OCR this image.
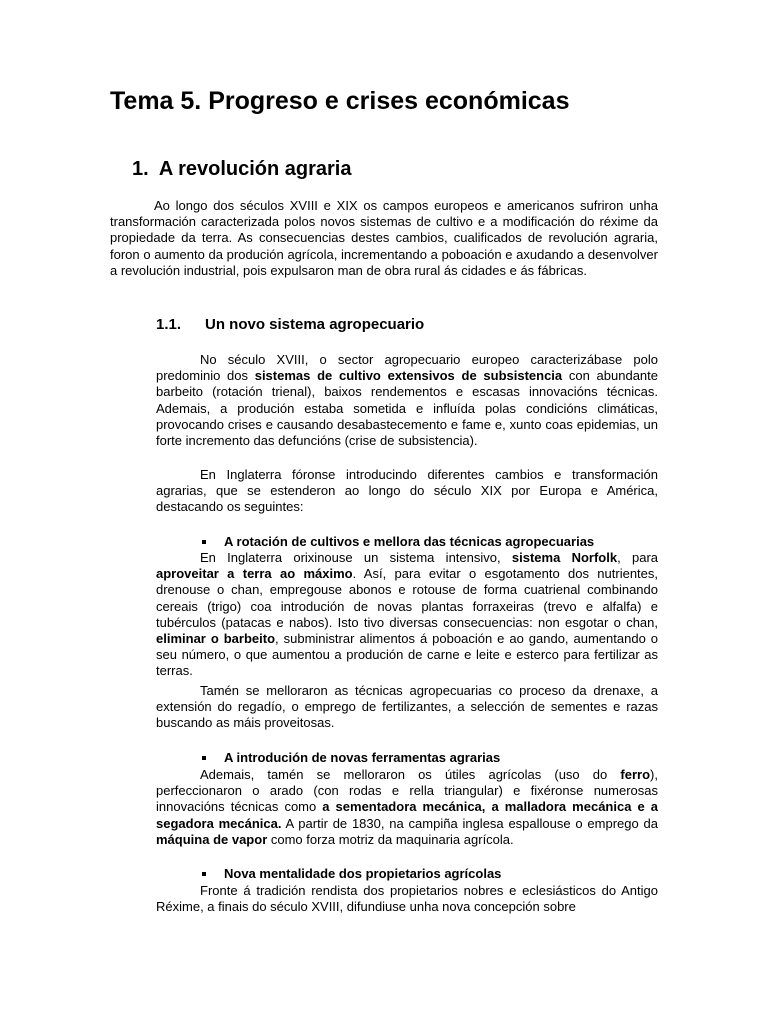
Tema 5. Progreso e crises económicas
1. A revolución agraria

Ao longo dos séculos XVIII e XIX os campos europeos e americanos sufriron unha transformación caracterizada polos novos sistemas de cultivo e a modificación do réxime da propiedade da terra. As consecuencias destes cambios, cualificados de revolución agraria, foron o aumento da produción agrícola, incrementando a poboación e axudando a desenvolver a revolución industrial, pois expulsaron man de obra rural ás cidades e ás fábricas.

1.1. Un novo sistema agropecuario

No século XVIII, o sector agropecuario europeo caracterizábase polo predominio dos sistemas de cultivo extensivos de subsistencia con abundante barbeito (rotación trienal), baixos rendementos e escasas innovacións técnicas. Ademais, a produción estaba sometida e influída polas condicións climáticas, provocando crises e causando desabastecemento e fame e, xunto coas epidemias, un forte incremento das defuncións (crise de subsistencia).

En Inglaterra fóronse introducindo diferentes cambios e transformación agrarias, que se estenderon ao longo do século XIX por Europa e América, destacando os seguintes:

A rotación de cultivos e mellora das técnicas agropecuarias

En Inglaterra orixinouse un sistema intensivo, sistema Norfolk, para aproveitar a terra ao máximo. Así, para evitar o esgotamento dos nutrientes, drenouse o chan, empregouse abonos e rotouse de forma cuatrienal combinando cereais (trigo) coa introdución de novas plantas forraxeiras (trevo e alfalfa) e tubérculos (patacas e nabos). Isto tivo diversas consecuencias: non esgotar o chan, eliminar o barbeito, subministrar alimentos á poboación e ao gando, aumentando o seu número, o que aumentou a produción de carne e leite e esterco para fertilizar as terras.

Tamén se melloraron as técnicas agropecuarias co proceso da drenaxe, a extensión do regadío, o emprego de fertilizantes, a selección de sementes e razas buscando as máis proveitosas.

A introdución de novas ferramentas agrarias

Ademais, tamén se melloraron os útiles agrícolas (uso do ferro), perfeccionaron o arado (con rodas e rella triangular) e fixéronse numerosas innovacións técnicas como a sementadora mecánica, a malladora mecánica e a segadora mecánica. A partir de 1830, na campiña inglesa espallouse o emprego da máquina de vapor como forza motriz da maquinaria agrícola.

Nova mentalidade dos propietarios agrícolas

Fronte á tradición rendista dos propietarios nobres e eclesiásticos do Antigo Réxime, a finais do século XVIII, difundiuse unha nova concepción sobre
